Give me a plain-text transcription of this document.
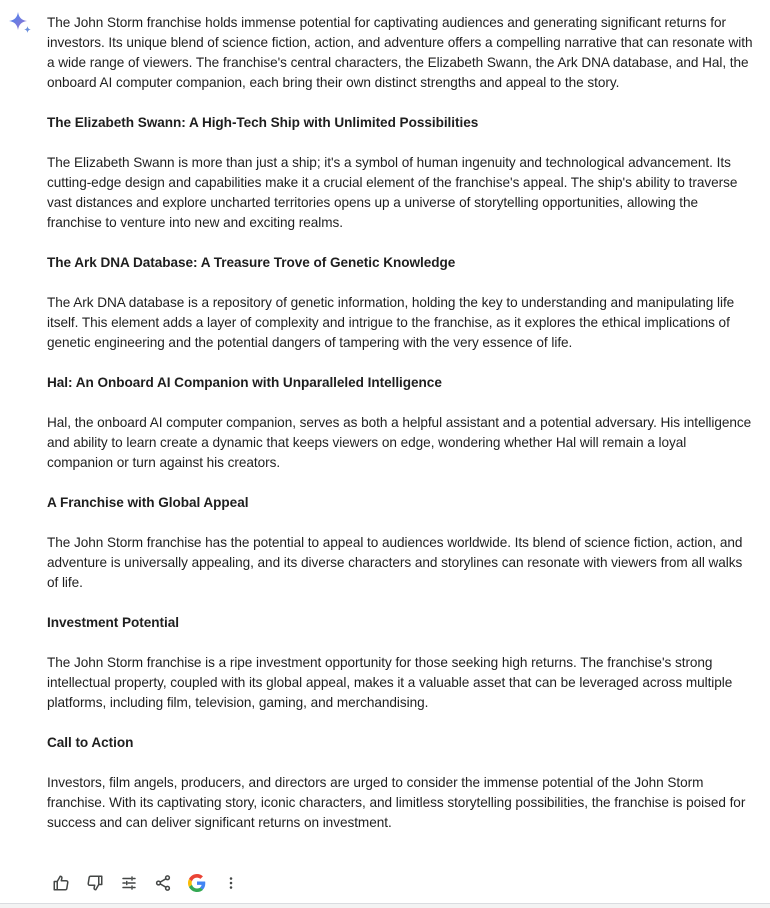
The John Storm franchise holds immense potential for captivating audiences and generating significant returns for investors. Its unique blend of science fiction, action, and adventure offers a compelling narrative that can resonate with a wide range of viewers. The franchise's central characters, the Elizabeth Swann, the Ark DNA database, and Hal, the onboard AI computer companion, each bring their own distinct strengths and appeal to the story.

The Elizabeth Swann: A High-Tech Ship with Unlimited Possibilities

The Elizabeth Swann is more than just a ship; it's a symbol of human ingenuity and technological advancement. Its cutting-edge design and capabilities make it a crucial element of the franchise's appeal. The ship's ability to traverse vast distances and explore uncharted territories opens up a universe of storytelling opportunities, allowing the franchise to venture into new and exciting realms.

The Ark DNA Database: A Treasure Trove of Genetic Knowledge

The Ark DNA database is a repository of genetic information, holding the key to understanding and manipulating life itself. This element adds a layer of complexity and intrigue to the franchise, as it explores the ethical implications of genetic engineering and the potential dangers of tampering with the very essence of life.

Hal: An Onboard AI Companion with Unparalleled Intelligence

Hal, the onboard AI computer companion, serves as both a helpful assistant and a potential adversary. His intelligence and ability to learn create a dynamic that keeps viewers on edge, wondering whether Hal will remain a loyal companion or turn against his creators.

A Franchise with Global Appeal

The John Storm franchise has the potential to appeal to audiences worldwide. Its blend of science fiction, action, and adventure is universally appealing, and its diverse characters and storylines can resonate with viewers from all walks of life.

Investment Potential

The John Storm franchise is a ripe investment opportunity for those seeking high returns. The franchise's strong intellectual property, coupled with its global appeal, makes it a valuable asset that can be leveraged across multiple platforms, including film, television, gaming, and merchandising.

Call to Action

Investors, film angels, producers, and directors are urged to consider the immense potential of the John Storm franchise. With its captivating story, iconic characters, and limitless storytelling possibilities, the franchise is poised for success and can deliver significant returns on investment.
